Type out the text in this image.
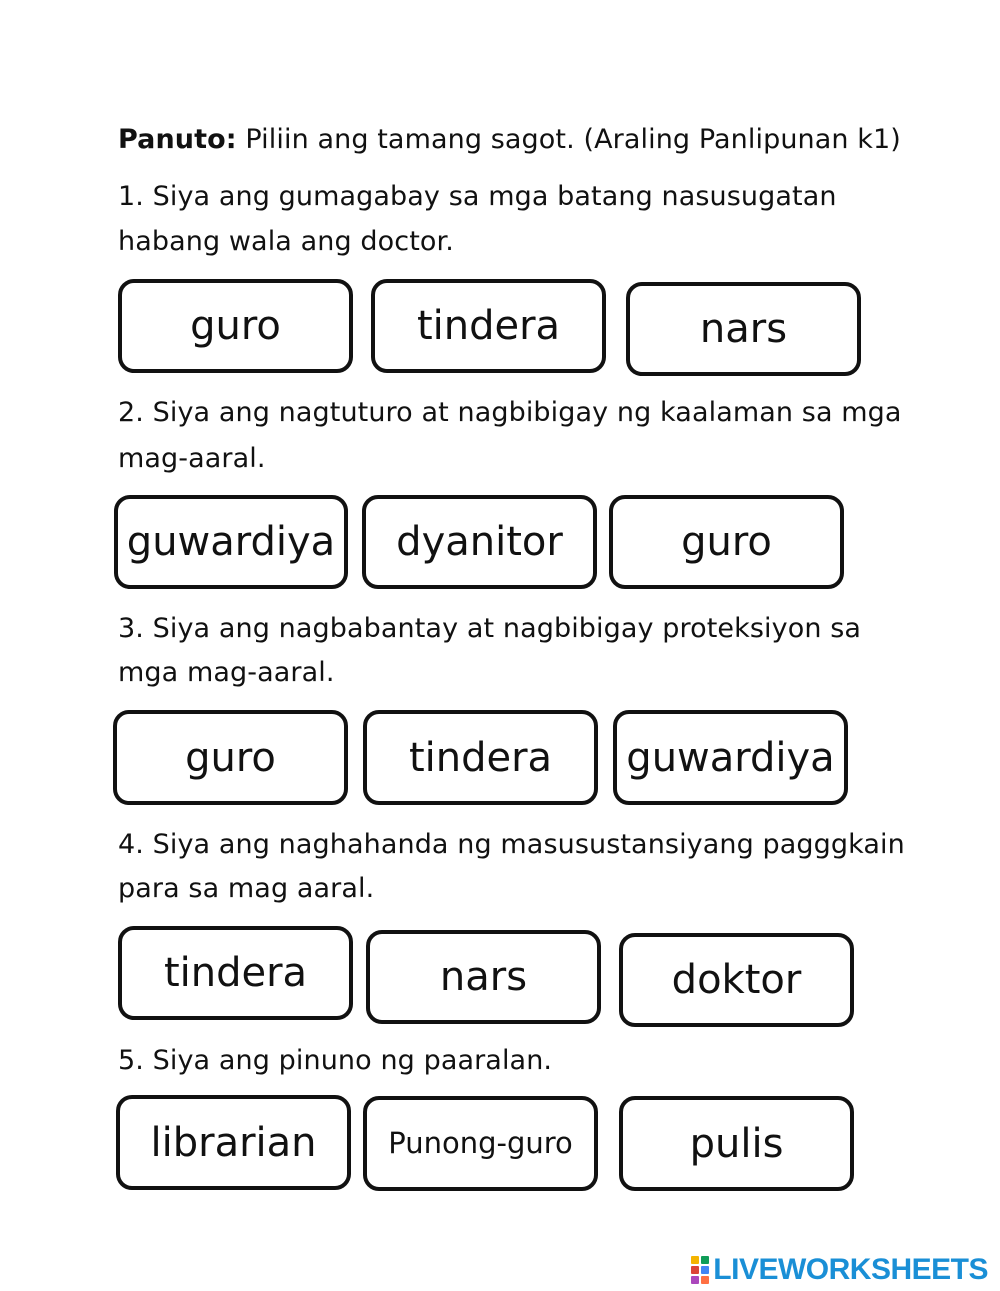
Panuto: Piliin ang tamang sagot. (Araling Panlipunan k1)
1. Siya ang gumagabay sa mga batang nasusugatan
habang wala ang doctor.
guro	tindera	nars
2. Siya ang nagtuturo at nagbibigay ng kaalaman sa mga
mag-aaral.
guwardiya	dyanitor	guro
3. Siya ang nagbabantay at nagbibigay proteksiyon sa
mga mag-aaral.
guro	tindera	guwardiya
4. Siya ang naghahanda ng masusustansiyang pagggkain
para sa mag aaral.
tindera	nars	doktor
5. Siya ang pinuno ng paaralan.
librarian	Punong-guro	pulis
LIVEWORKSHEETS
